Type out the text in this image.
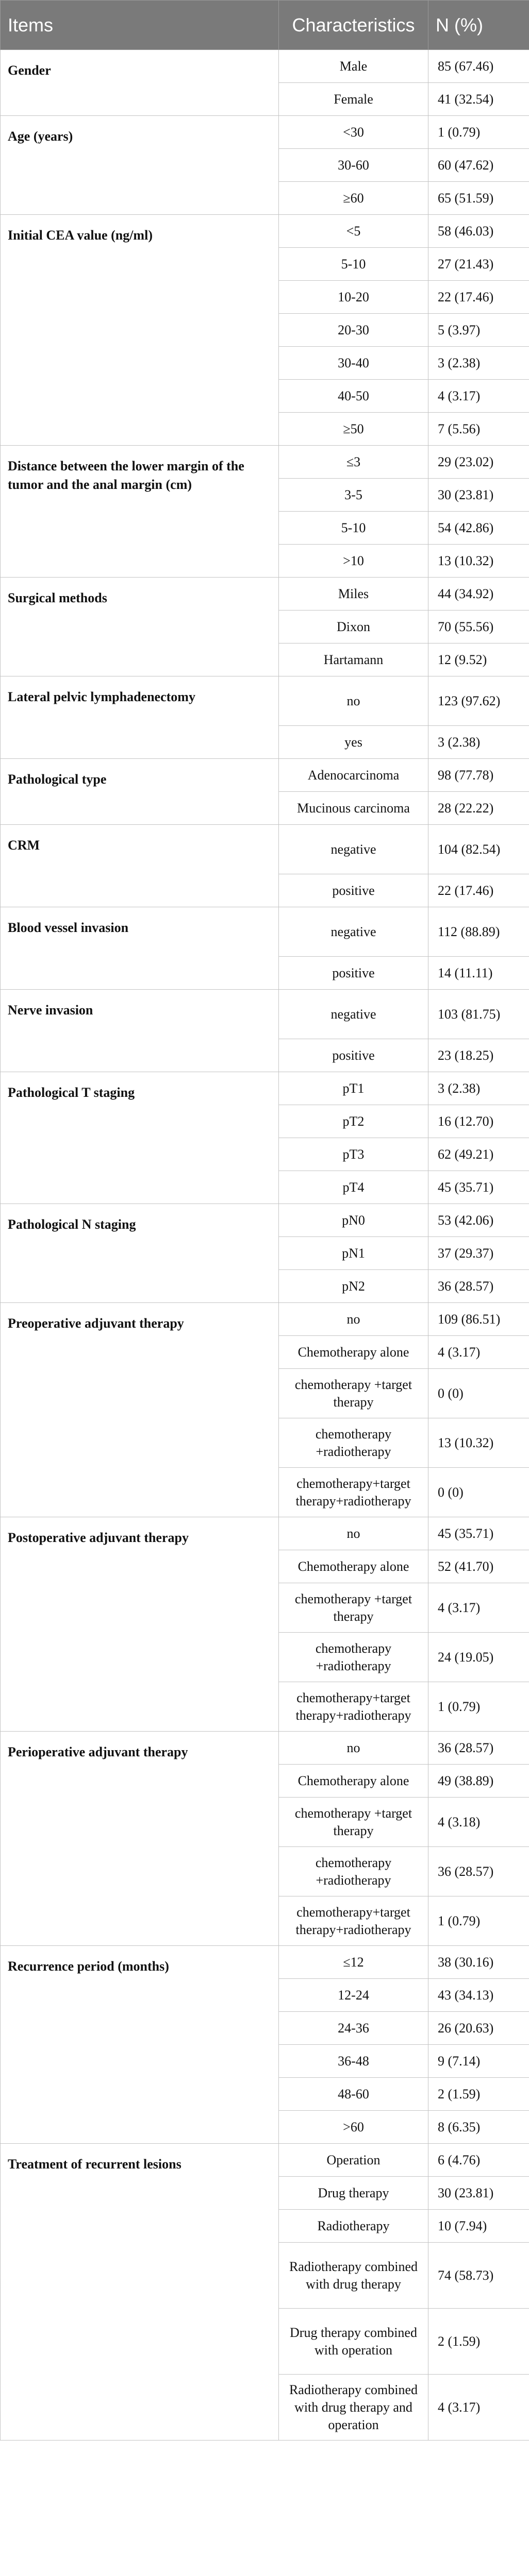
Items	Characteristics	N (%)
Gender	Male	85 (67.46)
	Female	41 (32.54)
Age (years)	<30	1 (0.79)
	30-60	60 (47.62)
	≥60	65 (51.59)
Initial CEA value (ng/ml)	<5	58 (46.03)
	5-10	27 (21.43)
	10-20	22 (17.46)
	20-30	5 (3.97)
	30-40	3 (2.38)
	40-50	4 (3.17)
	≥50	7 (5.56)
Distance between the lower margin of the tumor and the anal margin (cm)	≤3	29 (23.02)
	3-5	30 (23.81)
	5-10	54 (42.86)
	>10	13 (10.32)
Surgical methods	Miles	44 (34.92)
	Dixon	70 (55.56)
	Hartamann	12 (9.52)
Lateral pelvic lymphadenectomy	no	123 (97.62)
	yes	3 (2.38)
Pathological type	Adenocarcinoma	98 (77.78)
	Mucinous carcinoma	28 (22.22)
CRM	negative	104 (82.54)
	positive	22 (17.46)
Blood vessel invasion	negative	112 (88.89)
	positive	14 (11.11)
Nerve invasion	negative	103 (81.75)
	positive	23 (18.25)
Pathological T staging	pT1	3 (2.38)
	pT2	16 (12.70)
	pT3	62 (49.21)
	pT4	45 (35.71)
Pathological N staging	pN0	53 (42.06)
	pN1	37 (29.37)
	pN2	36 (28.57)
Preoperative adjuvant therapy	no	109 (86.51)
	Chemotherapy alone	4 (3.17)
	chemotherapy +target therapy	0 (0)
	chemotherapy +radiotherapy	13 (10.32)
	chemotherapy+target therapy+radiotherapy	0 (0)
Postoperative adjuvant therapy	no	45 (35.71)
	Chemotherapy alone	52 (41.70)
	chemotherapy +target therapy	4 (3.17)
	chemotherapy +radiotherapy	24 (19.05)
	chemotherapy+target therapy+radiotherapy	1 (0.79)
Perioperative adjuvant therapy	no	36 (28.57)
	Chemotherapy alone	49 (38.89)
	chemotherapy +target therapy	4 (3.18)
	chemotherapy +radiotherapy	36 (28.57)
	chemotherapy+target therapy+radiotherapy	1 (0.79)
Recurrence period (months)	≤12	38 (30.16)
	12-24	43 (34.13)
	24-36	26 (20.63)
	36-48	9 (7.14)
	48-60	2 (1.59)
	>60	8 (6.35)
Treatment of recurrent lesions	Operation	6 (4.76)
	Drug therapy	30 (23.81)
	Radiotherapy	10 (7.94)
	Radiotherapy combined with drug therapy	74 (58.73)
	Drug therapy combined with operation	2 (1.59)
	Radiotherapy combined with drug therapy and operation	4 (3.17)
